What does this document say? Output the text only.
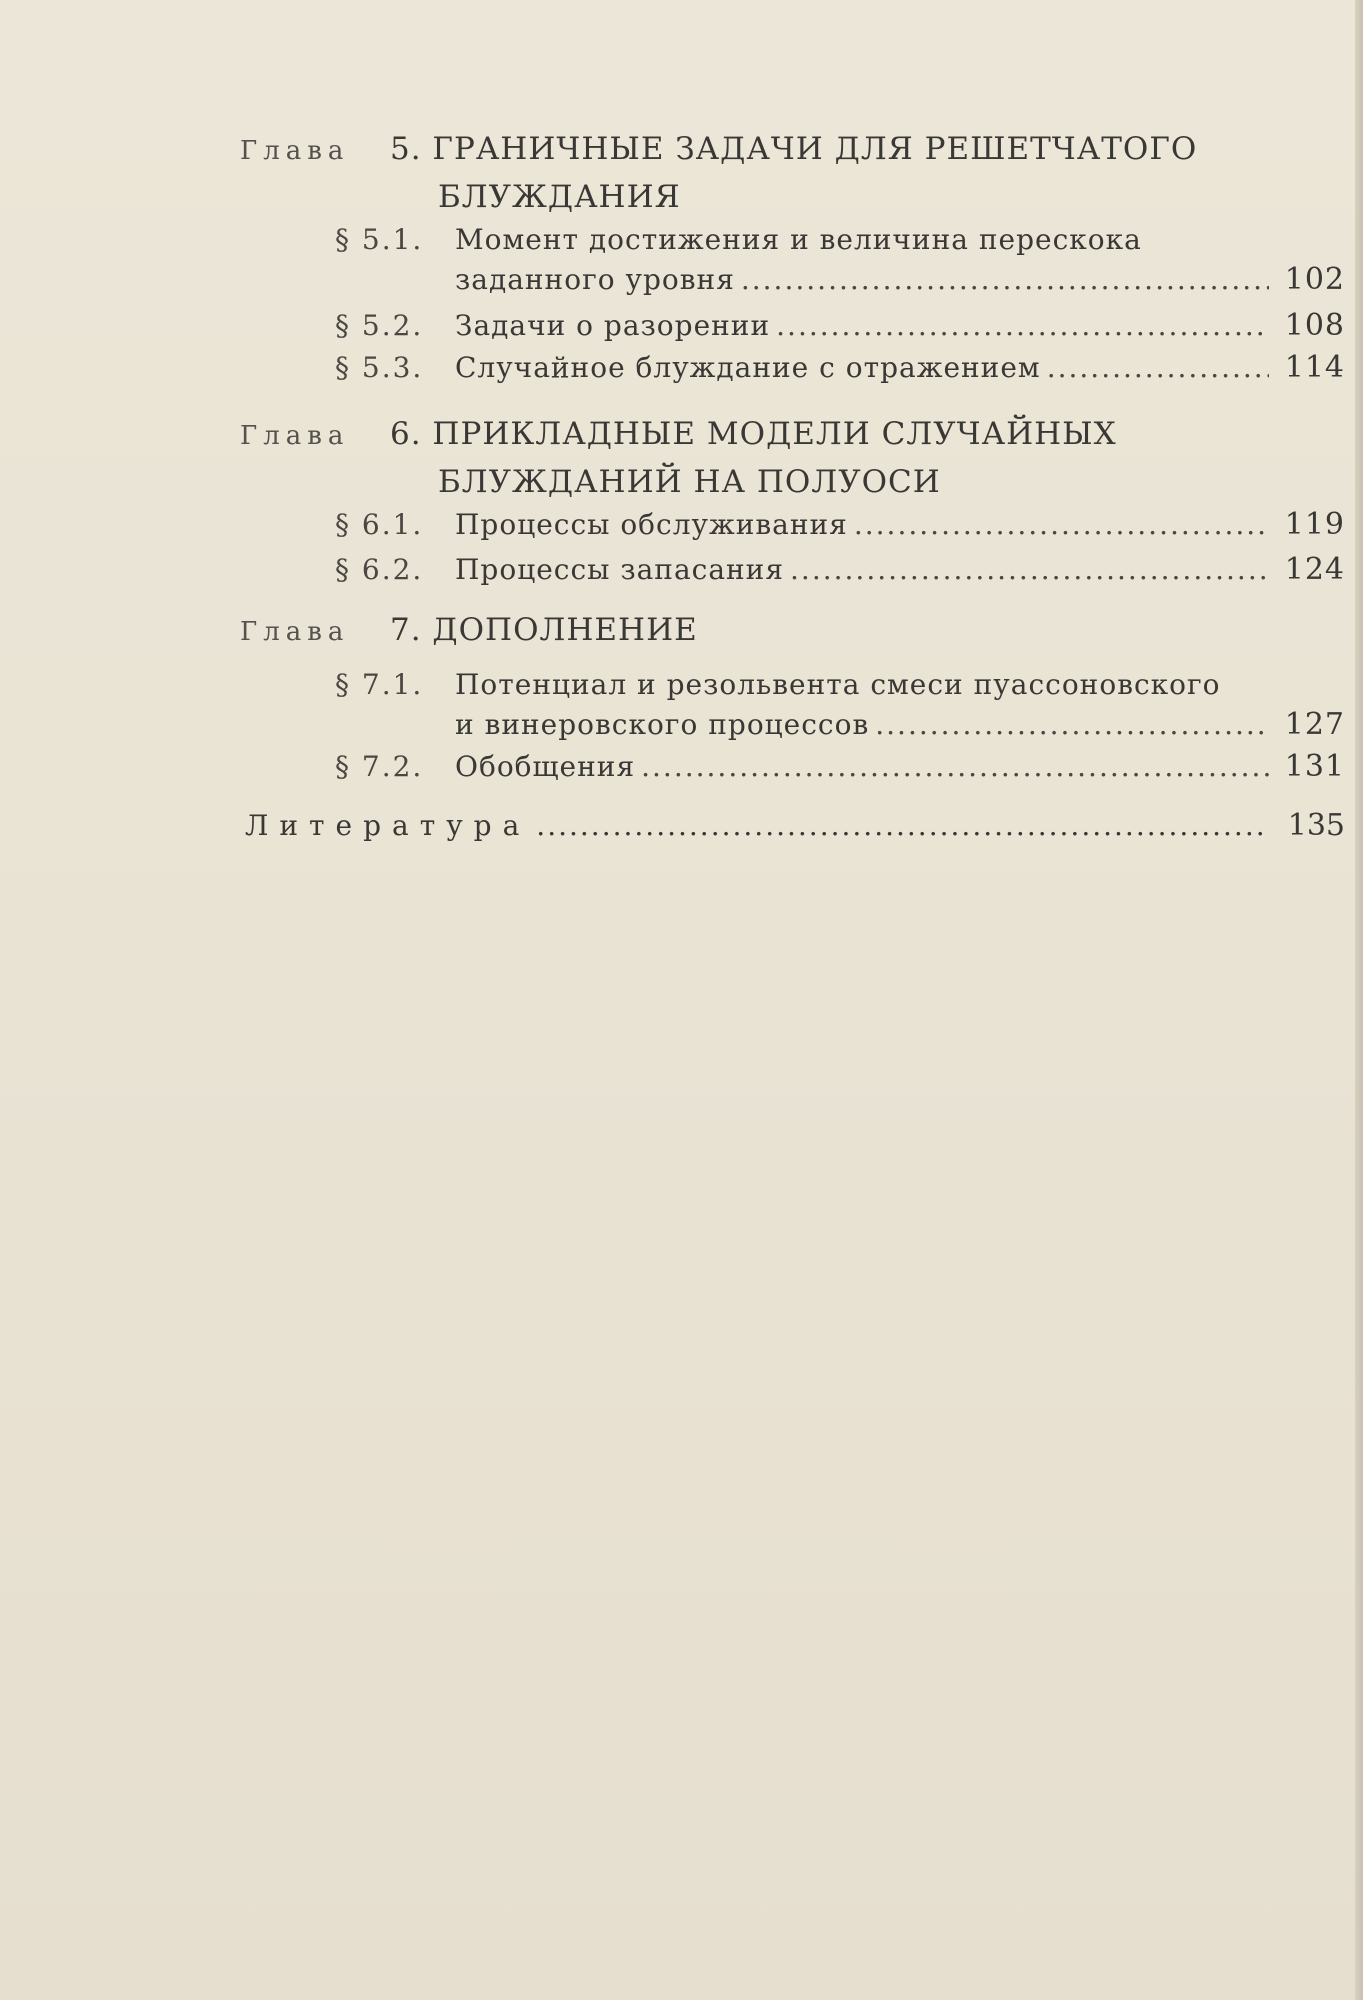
Глава 5. ГРАНИЧНЫЕ ЗАДАЧИ ДЛЯ РЕШЕТЧАТОГО
БЛУЖДАНИЯ
§ 5.1.	Момент достижения и величина перескока
заданного уровня .....	102
§ 5.2.	Задачи о разорении .....	108
§ 5.3.	Случайное блуждание с отражением .....	114
Глава 6. ПРИКЛАДНЫЕ МОДЕЛИ СЛУЧАЙНЫХ
БЛУЖДАНИЙ НА ПОЛУОСИ
§ 6.1.	Процессы обслуживания .....	119
§ 6.2.	Процессы запасания .....	124
Глава 7. ДОПОЛНЕНИЕ
§ 7.1.	Потенциал и резольвента смеси пуассоновского
и винеровского процессов .....	127
§ 7.2.	Обобщения .....	131
Литература .....	135
